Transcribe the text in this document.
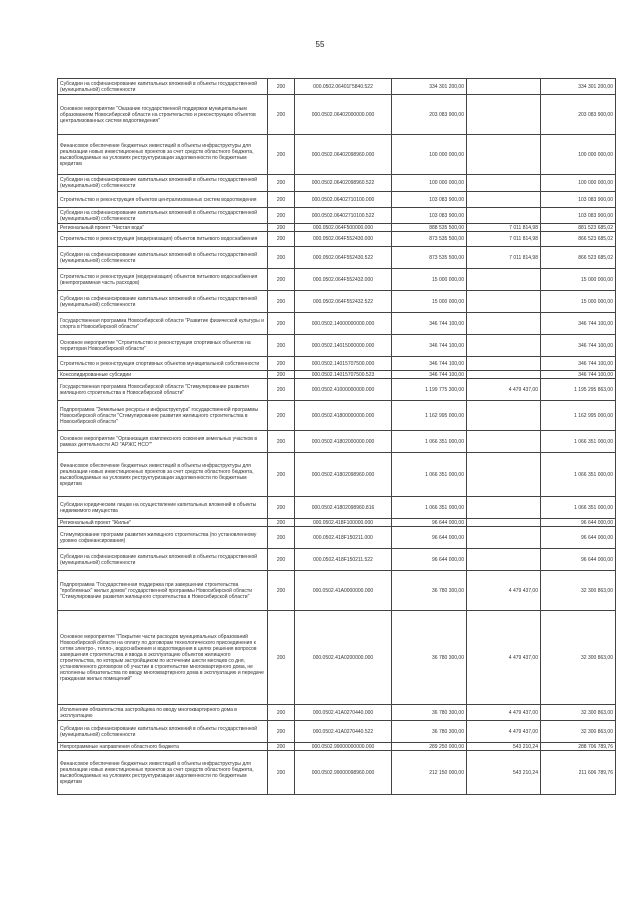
55
Субсидии на софинансирование капитальных вложений в объекты государственной (муниципальной) собственности	200	000.0502.06401Г5840.522	334 301 200,00		334 301 200,00
Основное мероприятие "Оказание государственной поддержки муниципальным образованиям Новосибирской области на строительство и реконструкцию объектов централизованных систем водоотведения"	200	000.0502.06402000000.000	203 083 900,00		203 083 900,00
Финансовое обеспечение бюджетных инвестиций в объекты инфраструктуры для реализации новых инвестиционных проектов за счет средств областного бюджета, высвобождаемых на условиях реструктуризации задолженности по бюджетным кредитам	200	000.0502.06402098960.000	100 000 000,00		100 000 000,00
Субсидии на софинансирование капитальных вложений в объекты государственной (муниципальной) собственности	200	000.0502.06402098960.522	100 000 000,00		100 000 000,00
Строительство и реконструкция объектов централизованных систем водоотведения	200	000.0502.06402710100.000	103 083 900,00		103 083 900,00
Субсидии на софинансирование капитальных вложений в объекты государственной (муниципальной) собственности	200	000.0502.06402710100.522	103 083 900,00		103 083 900,00
Региональный проект "Чистая вода"	200	000.0502.064F500000.000	888 535 500,00	7 011 814,98	881 523 685,02
Строительство и реконструкция (модернизация) объектов питьевого водоснабжения	200	000.0502.064F552430.000	873 535 500,00	7 011 814,98	866 523 685,02
Субсидии на софинансирование капитальных вложений в объекты государственной (муниципальной) собственности	200	000.0502.064F552430.522	873 535 500,00	7 011 814,98	866 523 685,02
Строительство и реконструкция (модернизация) объектов питьевого водоснабжения (внепрограммная часть расходов)	200	000.0502.064F552432.000	15 000 000,00		15 000 000,00
Субсидии на софинансирование капитальных вложений в объекты государственной (муниципальной) собственности	200	000.0502.064F552432.522	15 000 000,00		15 000 000,00
Государственная программа Новосибирской области "Развитие физической культуры и спорта в Новосибирской области"	200	000.0502.14000000000.000	346 744 100,00		346 744 100,00
Основное мероприятие "Строительство и реконструкция спортивных объектов на территории Новосибирской области"	200	000.0502.14015000000.000	346 744 100,00		346 744 100,00
Строительство и реконструкция спортивных объектов муниципальной собственности	200	000.0502.14015707500.000	346 744 100,00		346 744 100,00
Консолидированные субсидии	200	000.0502.14015707500.523	346 744 100,00		346 744 100,00
Государственная программа Новосибирской области "Стимулирование развития жилищного строительства в Новосибирской области"	200	000.0502.41000000000.000	1 199 775 300,00	4 479 437,00	1 195 295 863,00
Подпрограмма "Земельные ресурсы и инфраструктура" государственной программы Новосибирской области "Стимулирование развития жилищного строительства в Новосибирской области"	200	000.0502.41800000000.000	1 162 995 000,00		1 162 995 000,00
Основное мероприятие "Организация комплексного освоения земельных участков в рамках деятельности АО "АРЖС НСО""	200	000.0502.41802000000.000	1 066 351 000,00		1 066 351 000,00
Финансовое обеспечение бюджетных инвестиций в объекты инфраструктуры для реализации новых инвестиционных проектов за счет средств областного бюджета, высвобождаемых на условиях реструктуризации задолженности по бюджетным кредитам	200	000.0502.41802098960.000	1 066 351 000,00		1 066 351 000,00
Субсидии юридическим лицам на осуществление капитальных вложений в объекты недвижимого имущества	200	000.0502.41802098960.816	1 066 351 000,00		1 066 351 000,00
Региональный проект "Жилье"	200	000.0502.418F100000.000	96 644 000,00		96 644 000,00
Стимулирование программ развития жилищного строительства (по установленному уровню софинансирования)	200	000.0502.418F150211.000	96 644 000,00		96 644 000,00
Субсидии на софинансирование капитальных вложений в объекты государственной (муниципальной) собственности	200	000.0502.418F150211.522	96 644 000,00		96 644 000,00
Подпрограмма "Государственная поддержка при завершении строительства "проблемных" жилых домов" государственной программы Новосибирской области "Стимулирование развития жилищного строительства в Новосибирской области"	200	000.0502.41А0000000.000	36 780 300,00	4 479 437,00	32 300 863,00
Основное мероприятие "Покрытие части расходов муниципальных образований Новосибирской области на оплату по договорам технологического присоединения к сетям электро-, тепло-, водоснабжения и водоотведения в целях решения вопросов завершения строительства и ввода в эксплуатацию объектов жилищного строительства, по которым застройщиком по истечении шести месяцев со дня, установленного договором об участии в строительстве многоквартирного дома, не исполнены обязательства по вводу многоквартирного дома в эксплуатацию и передаче гражданам жилых помещений"	200	000.0502.41А0200000.000	36 780 300,00	4 479 437,00	32 300 863,00
Исполнение обязательства застройщика по вводу многоквартирного дома в эксплуатацию	200	000.0502.41А0270440.000	36 780 300,00	4 479 437,00	32 300 863,00
Субсидии на софинансирование капитальных вложений в объекты государственной (муниципальной) собственности	200	000.0502.41А0270440.522	36 780 300,00	4 479 437,00	32 300 863,00
Непрограммные направления областного бюджета	200	000.0502.99000000000.000	289 250 000,00	543 210,24	288 706 789,76
Финансовое обеспечение бюджетных инвестиций в объекты инфраструктуры для реализации новых инвестиционных проектов за счет средств областного бюджета, высвобождаемых на условиях реструктуризации задолженности по бюджетным кредитам	200	000.0502.99000098960.000	212 150 000,00	543 210,24	211 606 789,76
